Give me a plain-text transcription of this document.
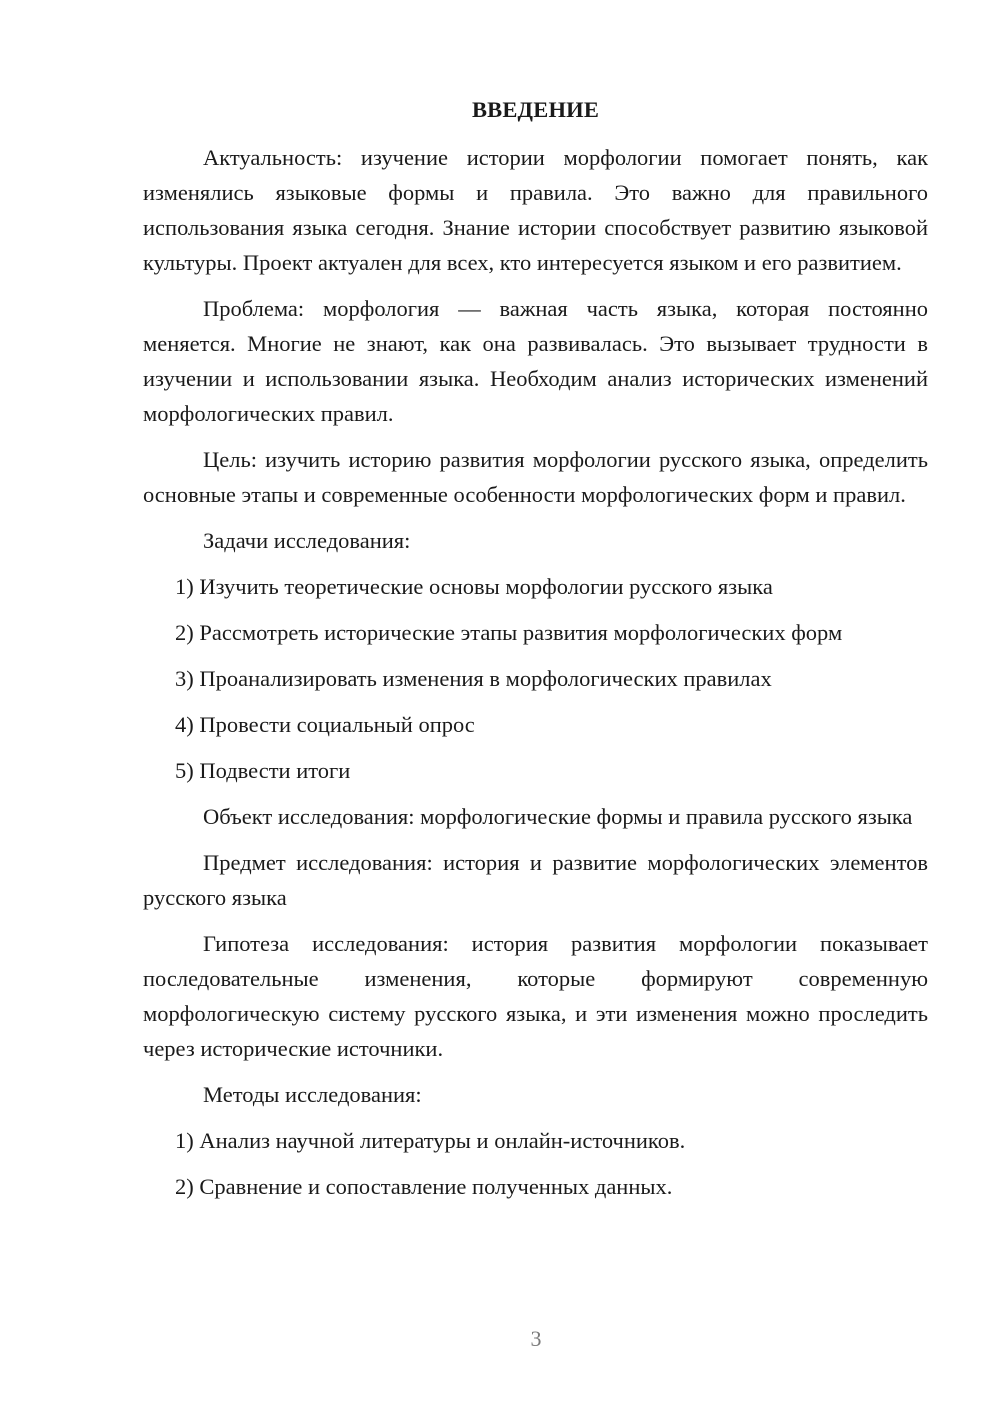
ВВЕДЕНИЕ

Актуальность: изучение истории морфологии помогает понять, как изменялись языковые формы и правила. Это важно для правильного использования языка сегодня. Знание истории способствует развитию языковой культуры. Проект актуален для всех, кто интересуется языком и его развитием.

Проблема: морфология — важная часть языка, которая постоянно меняется. Многие не знают, как она развивалась. Это вызывает трудности в изучении и использовании языка. Необходим анализ исторических изменений морфологических правил.

Цель: изучить историю развития морфологии русского языка, определить основные этапы и современные особенности морфологических форм и правил.

Задачи исследования:

1) Изучить теоретические основы морфологии русского языка
2) Рассмотреть исторические этапы развития морфологических форм
3) Проанализировать изменения в морфологических правилах
4) Провести социальный опрос
5) Подвести итоги

Объект исследования: морфологические формы и правила русского языка

Предмет исследования: история и развитие морфологических элементов русского языка

Гипотеза исследования: история развития морфологии показывает последовательные изменения, которые формируют современную морфологическую систему русского языка, и эти изменения можно проследить через исторические источники.

Методы исследования:

1) Анализ научной литературы и онлайн-источников.
2) Сравнение и сопоставление полученных данных.
3
